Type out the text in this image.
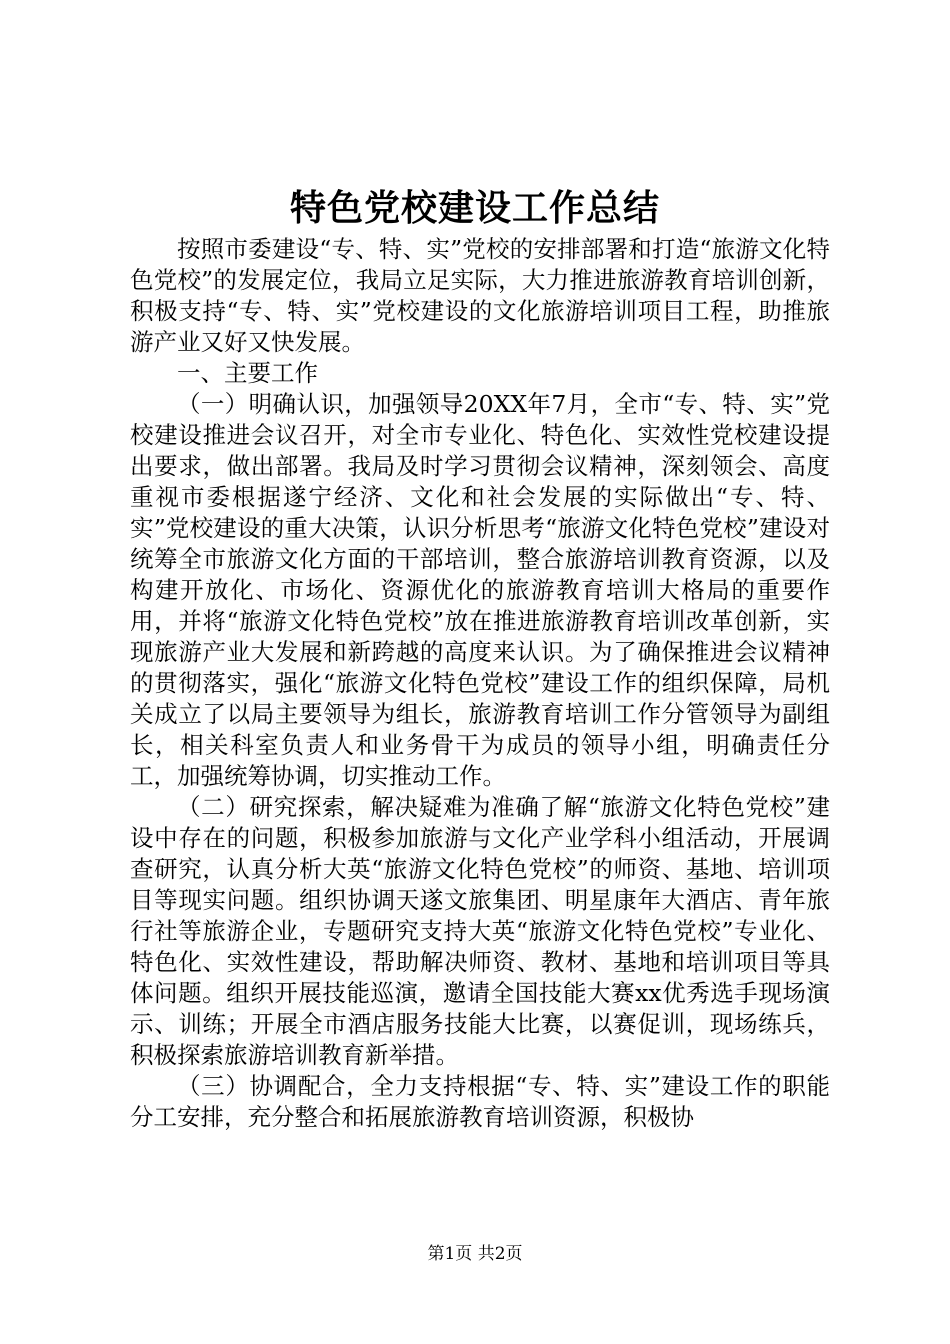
特色党校建设工作总结

按照市委建设“专、特、实”党校的安排部署和打造“旅游文化特色党校”的发展定位，我局立足实际，大力推进旅游教育培训创新，积极支持“专、特、实”党校建设的文化旅游培训项目工程，助推旅游产业又好又快发展。

一、主要工作

（一）明确认识，加强领导20XX年7月，全市“专、特、实”党校建设推进会议召开，对全市专业化、特色化、实效性党校建设提出要求，做出部署。我局及时学习贯彻会议精神，深刻领会、高度重视市委根据遂宁经济、文化和社会发展的实际做出“专、特、实”党校建设的重大决策，认识分析思考“旅游文化特色党校”建设对统筹全市旅游文化方面的干部培训，整合旅游培训教育资源，以及构建开放化、市场化、资源优化的旅游教育培训大格局的重要作用，并将“旅游文化特色党校”放在推进旅游教育培训改革创新，实现旅游产业大发展和新跨越的高度来认识。为了确保推进会议精神的贯彻落实，强化“旅游文化特色党校”建设工作的组织保障，局机关成立了以局主要领导为组长，旅游教育培训工作分管领导为副组长，相关科室负责人和业务骨干为成员的领导小组，明确责任分工，加强统筹协调，切实推动工作。

（二）研究探索，解决疑难为准确了解“旅游文化特色党校”建设中存在的问题，积极参加旅游与文化产业学科小组活动，开展调查研究，认真分析大英“旅游文化特色党校”的师资、基地、培训项目等现实问题。组织协调天遂文旅集团、明星康年大酒店、青年旅行社等旅游企业，专题研究支持大英“旅游文化特色党校”专业化、特色化、实效性建设，帮助解决师资、教材、基地和培训项目等具体问题。组织开展技能巡演，邀请全国技能大赛xx优秀选手现场演示、训练；开展全市酒店服务技能大比赛，以赛促训，现场练兵，积极探索旅游培训教育新举措。

（三）协调配合，全力支持根据“专、特、实”建设工作的职能分工安排，充分整合和拓展旅游教育培训资源，积极协

第1页 共2页
